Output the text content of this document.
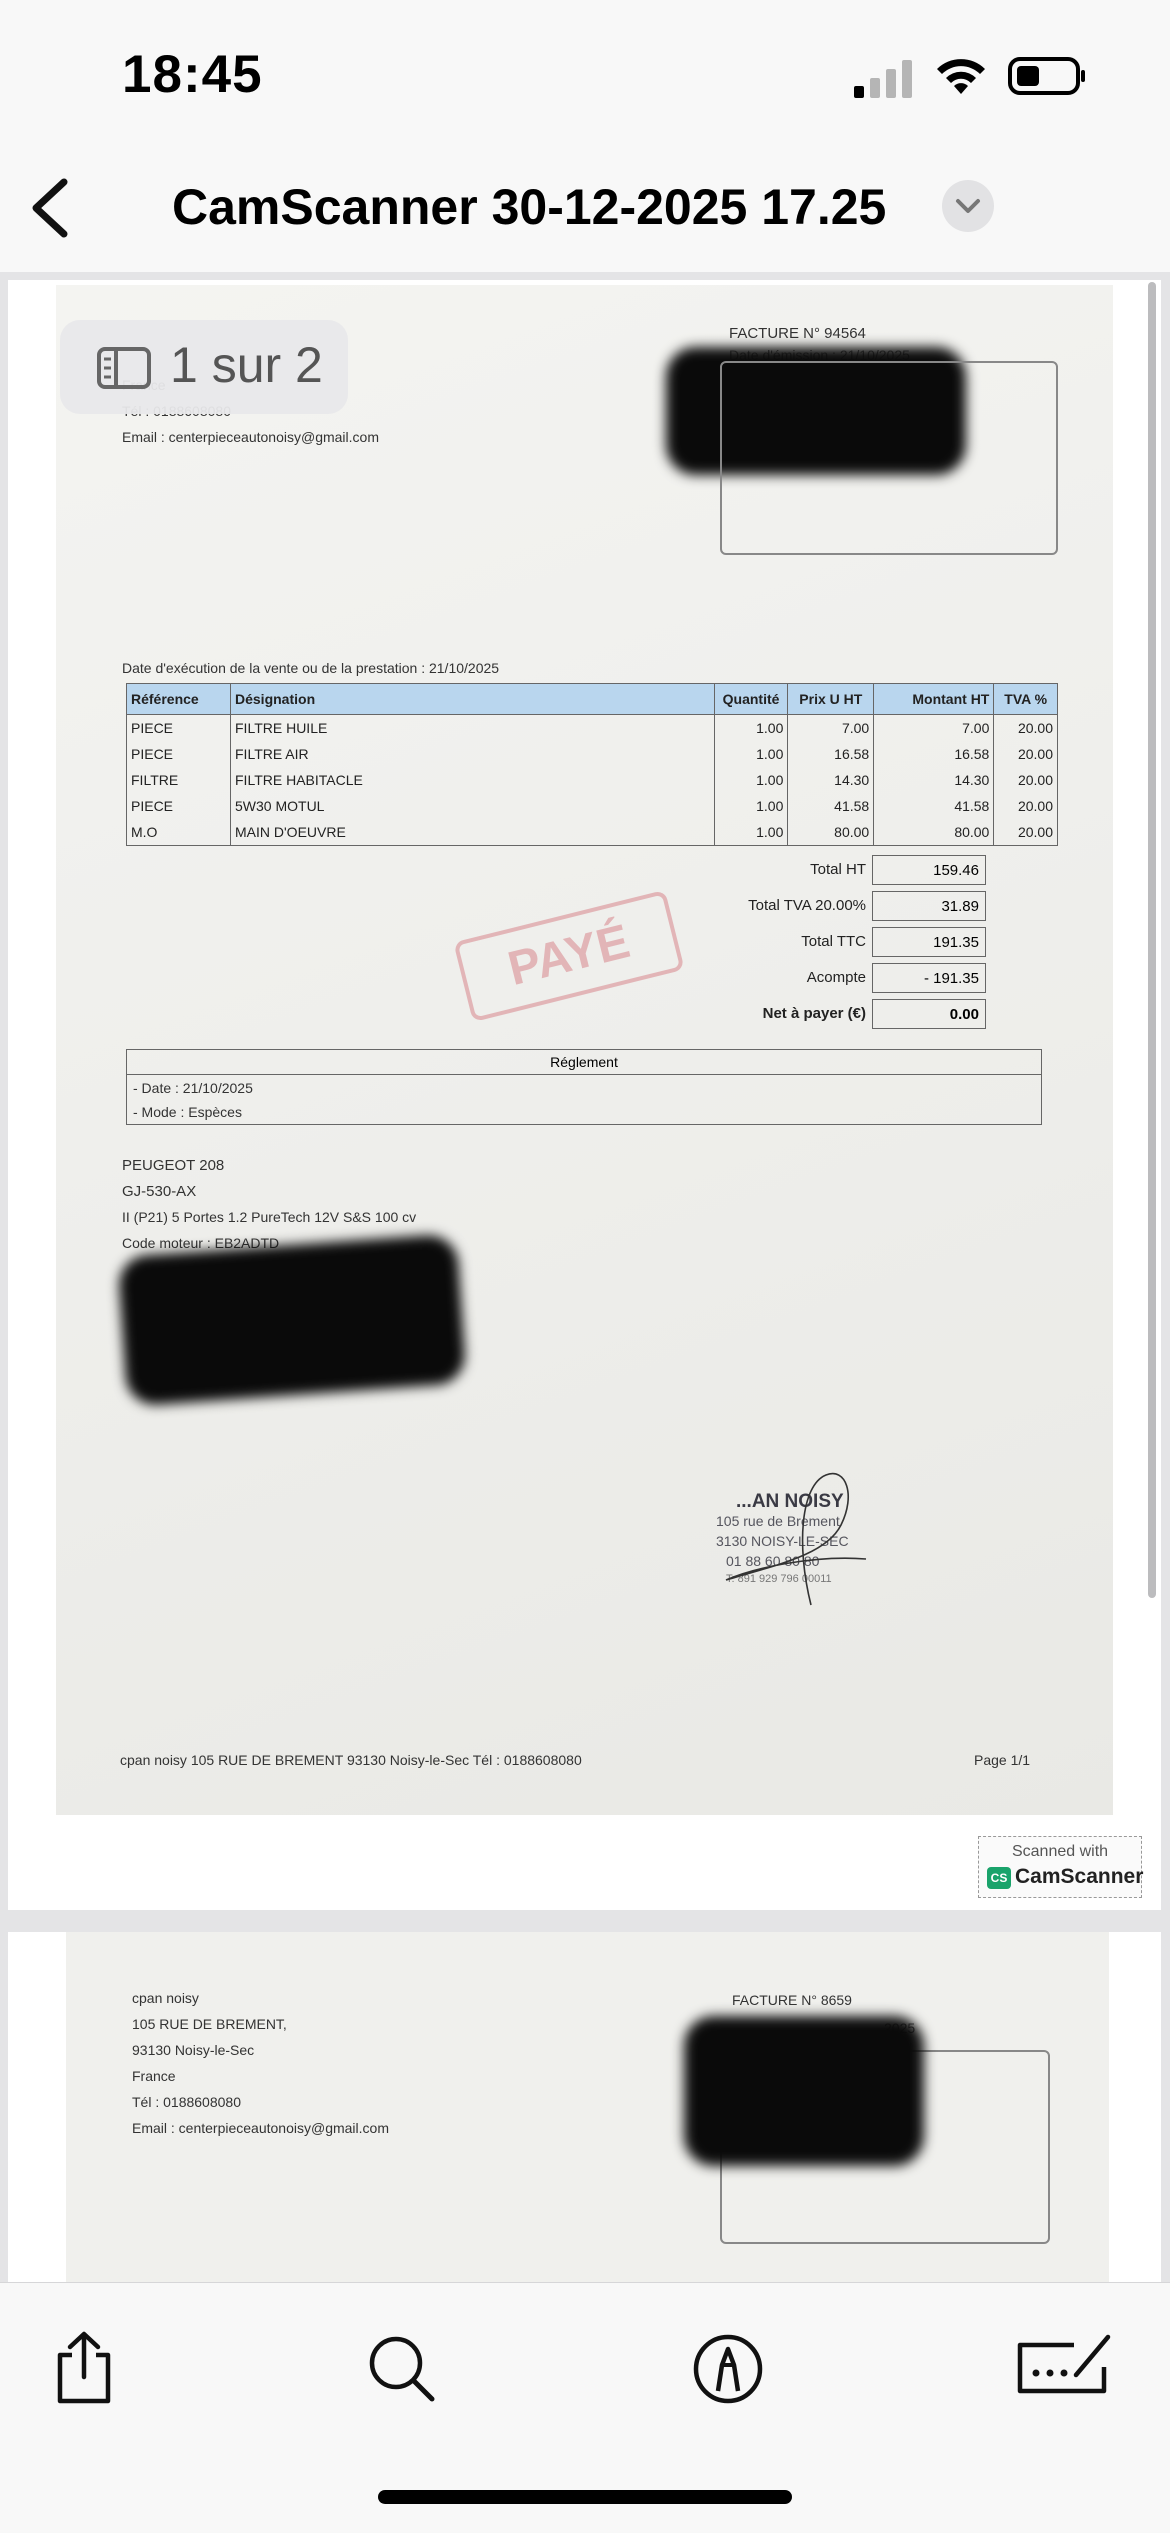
18:45
CamScanner 30-12-2025 17.25
FACTURE N° 94564
Email : centerpieceautonoisy@gmail.com
Date d'exécution de la vente ou de la prestation : 21/10/2025
Référence	Désignation	Quantité	Prix U HT	Montant HT	TVA %
PIECE	FILTRE HUILE	1.00	7.00	7.00	20.00
PIECE	FILTRE AIR	1.00	16.58	16.58	20.00
FILTRE	FILTRE HABITACLE	1.00	14.30	14.30	20.00
PIECE	5W30 MOTUL	1.00	41.58	41.58	20.00
M.O	MAIN D'OEUVRE	1.00	80.00	80.00	20.00
Total HT	159.46
Total TVA 20.00%	31.89
Total TTC	191.35
Acompte	- 191.35
Net à payer (€)	0.00
PAYÉ
Réglement
- Date : 21/10/2025
- Mode : Espèces
PEUGEOT 208
GJ-530-AX
II (P21) 5 Portes 1.2 PureTech 12V S&S 100 cv
Code moteur : EB2ADTD
...AN NOISY
105 rue de Brement
3130 NOISY-LE-SEC
01 88 60 80 80
T: 891 929 796 00011
cpan noisy 105 RUE DE BREMENT 93130 Noisy-le-Sec Tél : 0188608080	Page 1/1
Scanned with
CS CamScanner
cpan noisy
105 RUE DE BREMENT,
93130 Noisy-le-Sec
France
Tél : 0188608080
Email : centerpieceautonoisy@gmail.com
FACTURE N° 8659
1 sur 2
